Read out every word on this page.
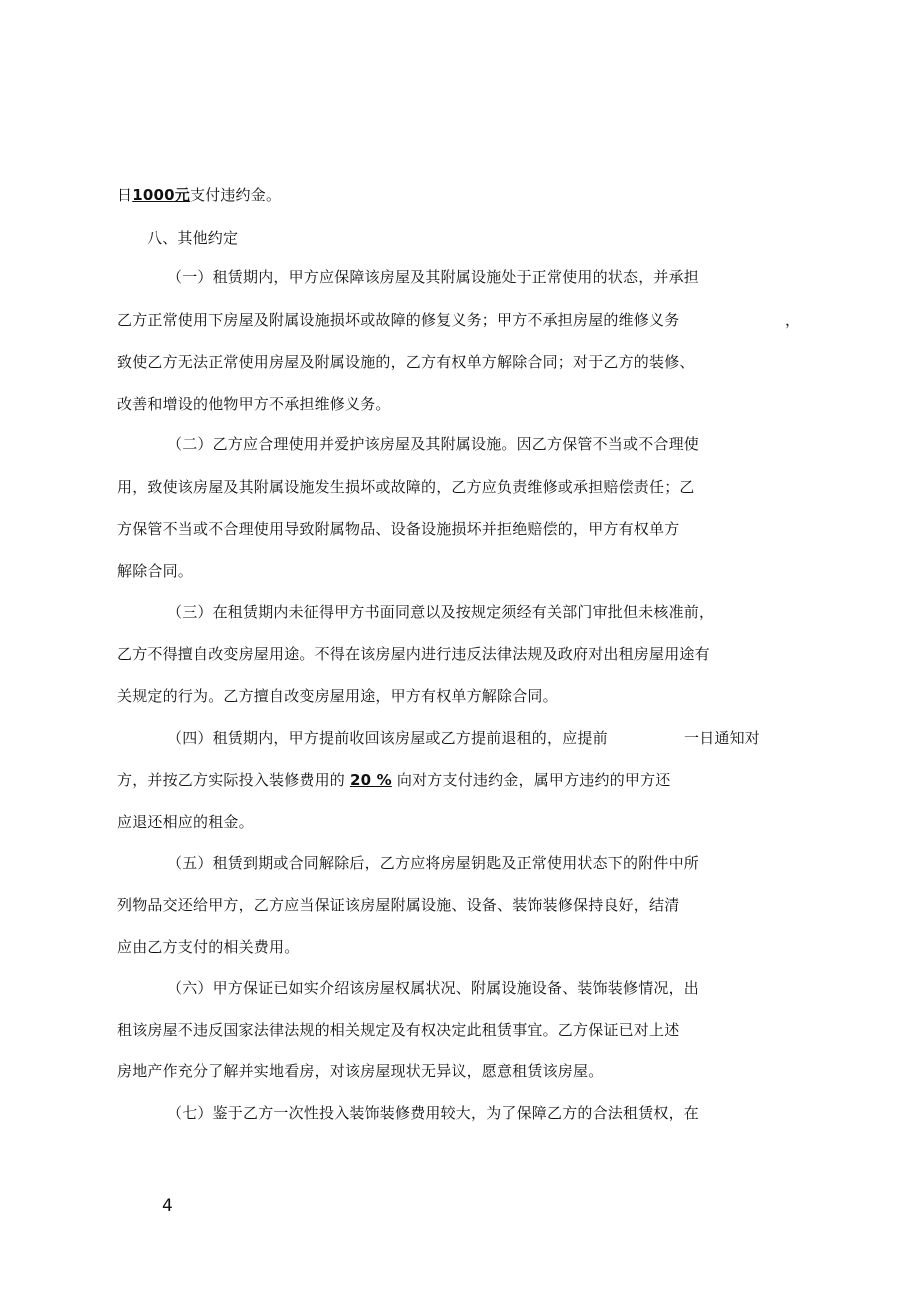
日1000元支付违约金。
八、其他约定
（一）租赁期内，甲方应保障该房屋及其附属设施处于正常使用的状态，并承担
乙方正常使用下房屋及附属设施损坏或故障的修复义务；甲方不承担房屋的维修义务	，
致使乙方无法正常使用房屋及附属设施的，乙方有权单方解除合同；对于乙方的装修、
改善和增设的他物甲方不承担维修义务。
（二）乙方应合理使用并爱护该房屋及其附属设施。因乙方保管不当或不合理使
用，致使该房屋及其附属设施发生损坏或故障的，乙方应负责维修或承担赔偿责任；乙
方保管不当或不合理使用导致附属物品、设备设施损坏并拒绝赔偿的，甲方有权单方
解除合同。
（三）在租赁期内未征得甲方书面同意以及按规定须经有关部门审批但未核准前，
乙方不得擅自改变房屋用途。不得在该房屋内进行违反法律法规及政府对出租房屋用途有
关规定的行为。乙方擅自改变房屋用途，甲方有权单方解除合同。
（四）租赁期内，甲方提前收回该房屋或乙方提前退租的，应提前	一日通知对
方，并按乙方实际投入装修费用的 20 % 向对方支付违约金，属甲方违约的甲方还
应退还相应的租金。
（五）租赁到期或合同解除后，乙方应将房屋钥匙及正常使用状态下的附件中所
列物品交还给甲方，乙方应当保证该房屋附属设施、设备、装饰装修保持良好，结清
应由乙方支付的相关费用。
（六）甲方保证已如实介绍该房屋权属状况、附属设施设备、装饰装修情况，出
租该房屋不违反国家法律法规的相关规定及有权决定此租赁事宜。乙方保证已对上述
房地产作充分了解并实地看房，对该房屋现状无异议，愿意租赁该房屋。
（七）鉴于乙方一次性投入装饰装修费用较大，为了保障乙方的合法租赁权，在
4
